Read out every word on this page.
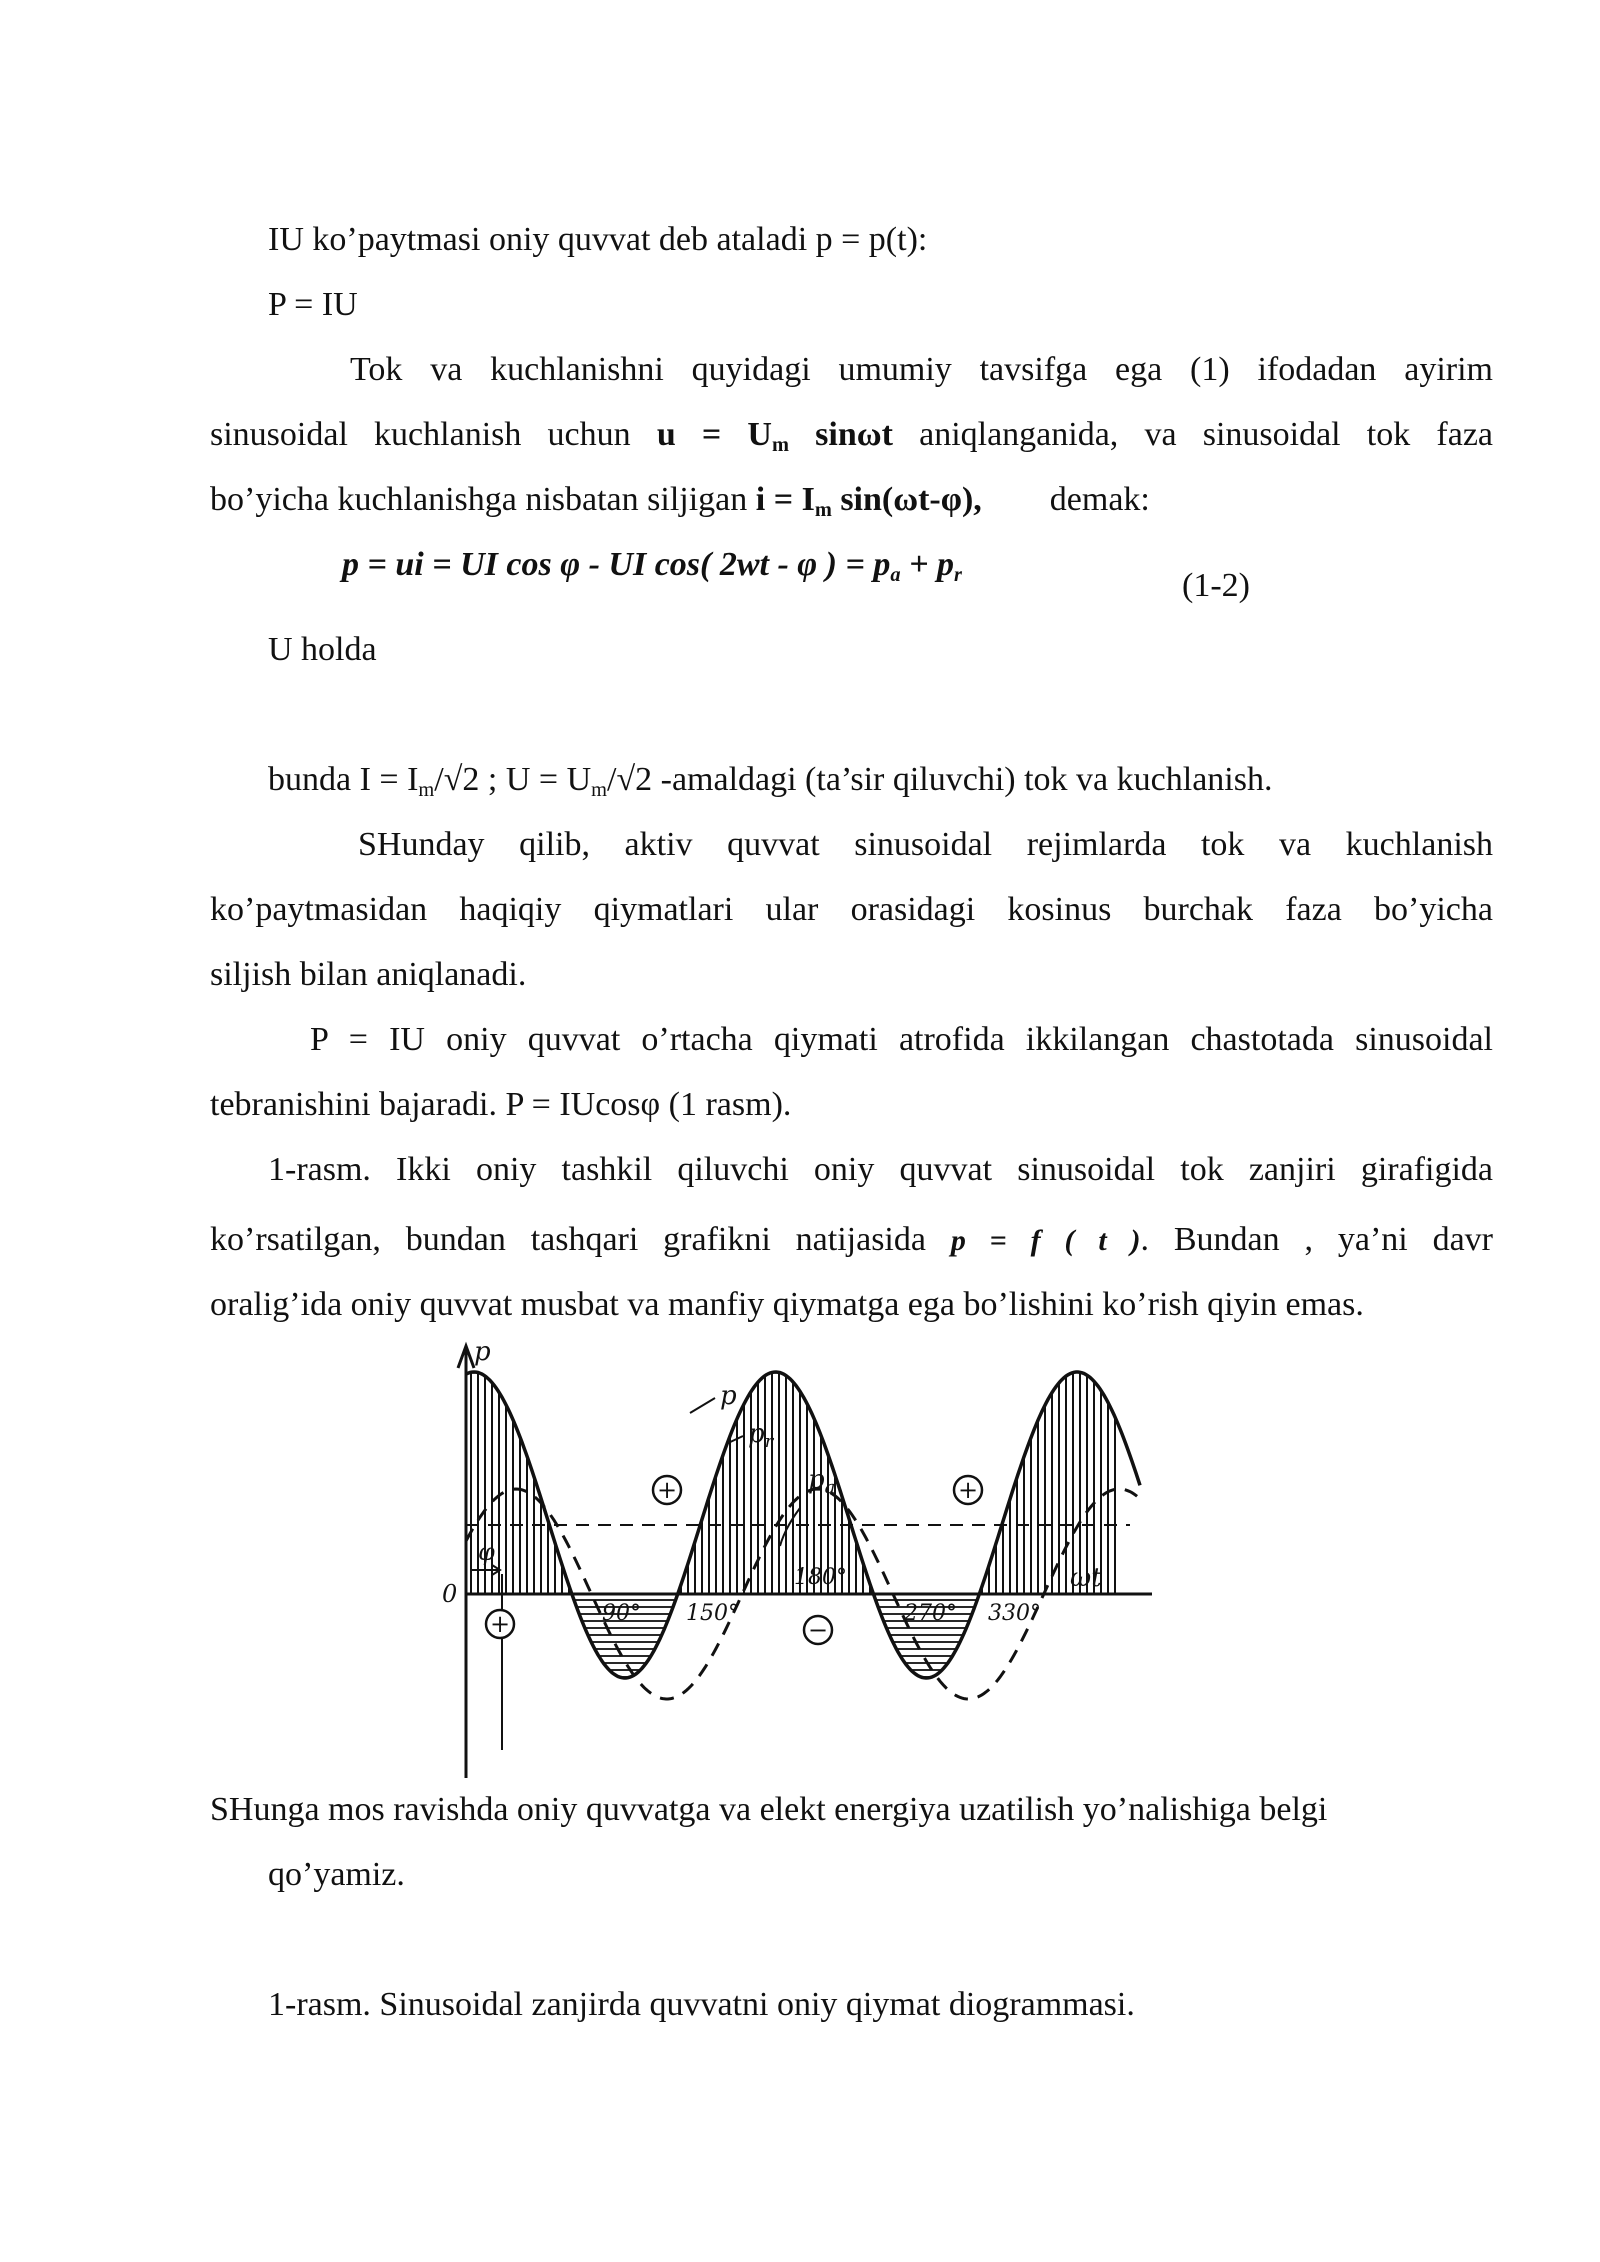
IU ko’paytmasi oniy quvvat deb ataladi p = p(t):
P = IU
Tok va kuchlanishni quyidagi umumiy tavsifga ega (1) ifodadan ayirim
sinusoidal kuchlanish uchun $u = U_m$ sinωt aniqlanganida, va sinusoidal tok faza
bo’yicha kuchlanishga nisbatan siljigan $i = I_m$ sin(ωt-φ), demak:
p = ui = UI cos φ - UI cos( 2wt - φ ) = $p_a + p_r$	(1-2)
U holda
bunda $I = I_m/√2$ ; $U = U_m/√2$ -amaldagi (ta’sir qiluvchi) tok va kuchlanish.
SHunday qilib, aktiv quvvat sinusoidal rejimlarda tok va kuchlanish
ko’paytmasidan haqiqiy qiymatlari ular orasidagi kosinus burchak faza bo’yicha
siljish bilan aniqlanadi.
P = IU oniy quvvat o’rtacha qiymati atrofida ikkilangan chastotada sinusoidal
tebranishini bajaradi. P = IUcosφ (1 rasm).
1-rasm. Ikki oniy tashkil qiluvchi oniy quvvat sinusoidal tok zanjiri girafigida
ko’rsatilgan, bundan tashqari grafikni natijasida p = f ( t ). Bundan , ya’ni davr
oralig’ida oniy quvvat musbat va manfiy qiymatga ega bo’lishini ko’rish qiyin emas.
p
ωt
0
φ
p
pr
pa
+	+
+	−
90° 150°
180°
270° 330°
SHunga mos ravishda oniy quvvatga va elekt energiya uzatilish yo’nalishiga belgi
qo’yamiz.
1-rasm. Sinusoidal zanjirda quvvatni oniy qiymat diogrammasi.
